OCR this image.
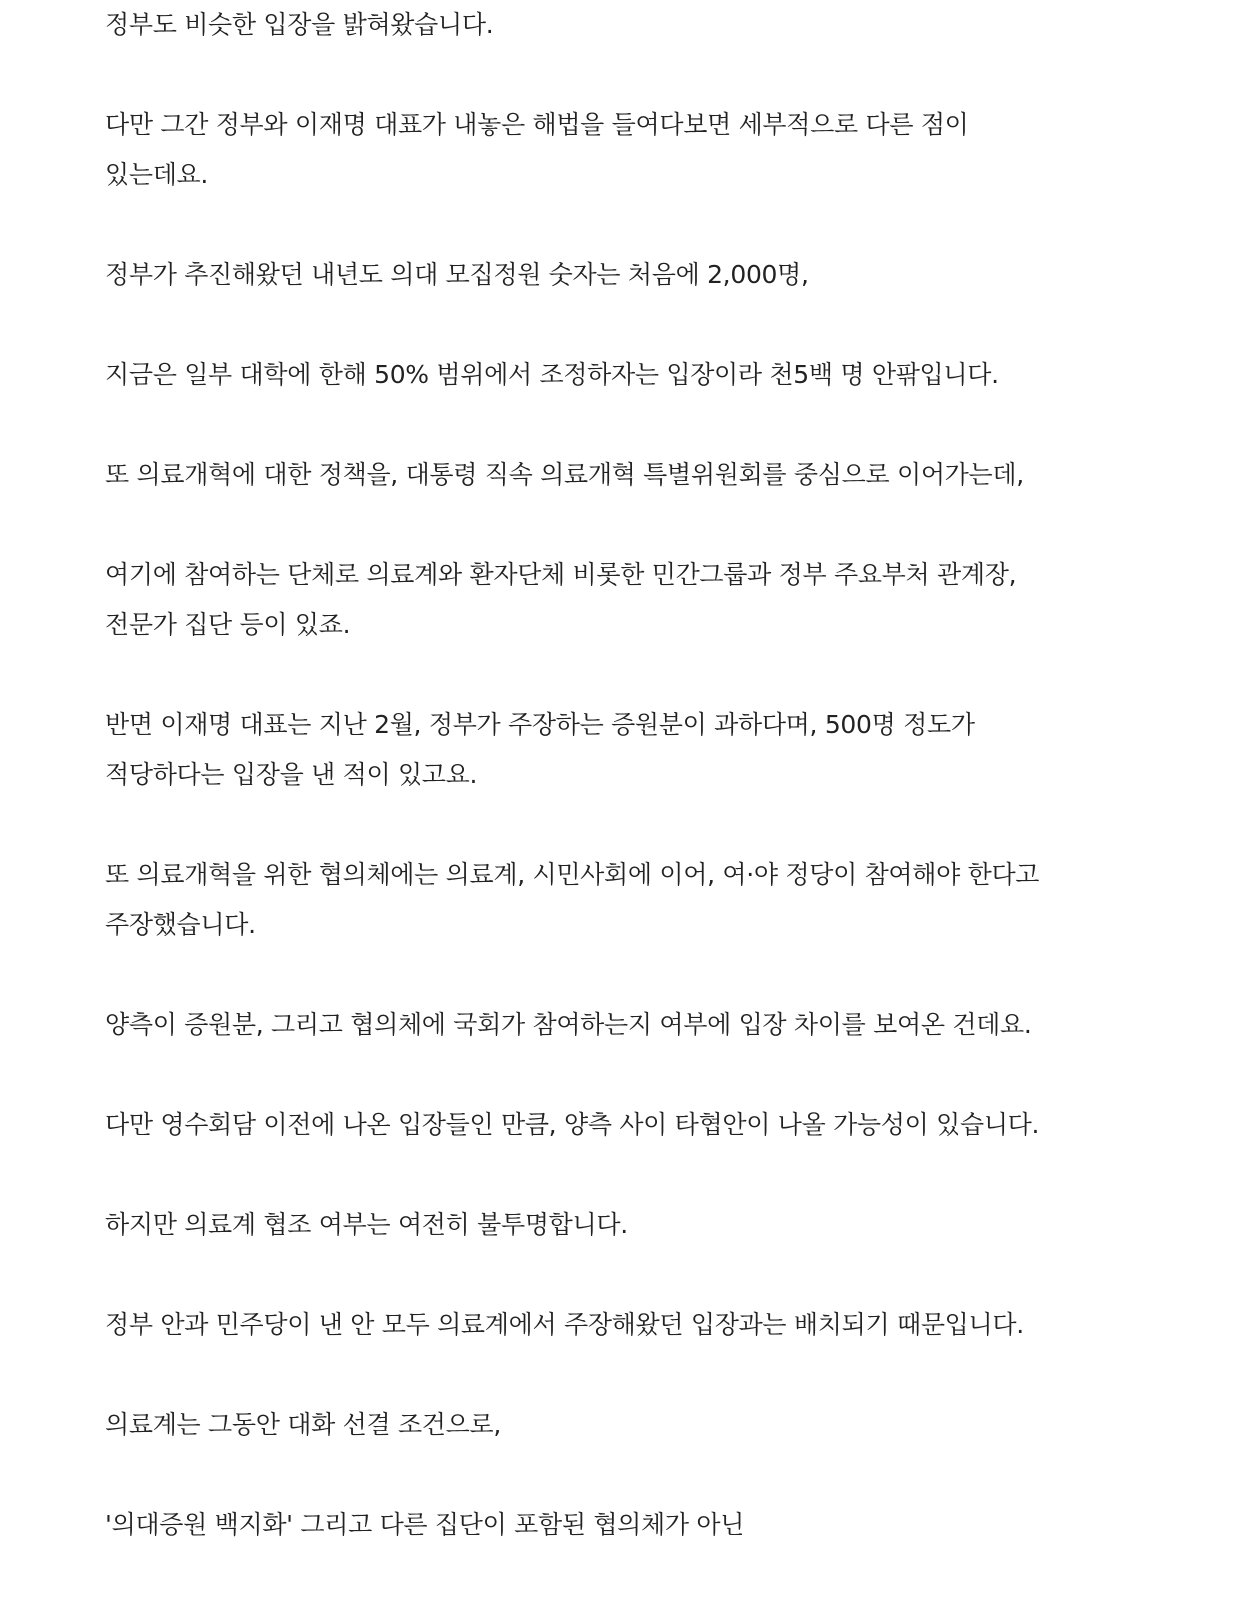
정부도 비슷한 입장을 밝혀왔습니다.

다만 그간 정부와 이재명 대표가 내놓은 해법을 들여다보면 세부적으로 다른 점이 있는데요.

정부가 추진해왔던 내년도 의대 모집정원 숫자는 처음에 2,000명,

지금은 일부 대학에 한해 50% 범위에서 조정하자는 입장이라 천5백 명 안팎입니다.

또 의료개혁에 대한 정책을, 대통령 직속 의료개혁 특별위원회를 중심으로 이어가는데,

여기에 참여하는 단체로 의료계와 환자단체 비롯한 민간그룹과 정부 주요부처 관계장, 전문가 집단 등이 있죠.

반면 이재명 대표는 지난 2월, 정부가 주장하는 증원분이 과하다며, 500명 정도가 적당하다는 입장을 낸 적이 있고요.

또 의료개혁을 위한 협의체에는 의료계, 시민사회에 이어, 여·야 정당이 참여해야 한다고 주장했습니다.

양측이 증원분, 그리고 협의체에 국회가 참여하는지 여부에 입장 차이를 보여온 건데요.

다만 영수회담 이전에 나온 입장들인 만큼, 양측 사이 타협안이 나올 가능성이 있습니다.

하지만 의료계 협조 여부는 여전히 불투명합니다.

정부 안과 민주당이 낸 안 모두 의료계에서 주장해왔던 입장과는 배치되기 때문입니다.

의료계는 그동안 대화 선결 조건으로,

'의대증원 백지화' 그리고 다른 집단이 포함된 협의체가 아닌
